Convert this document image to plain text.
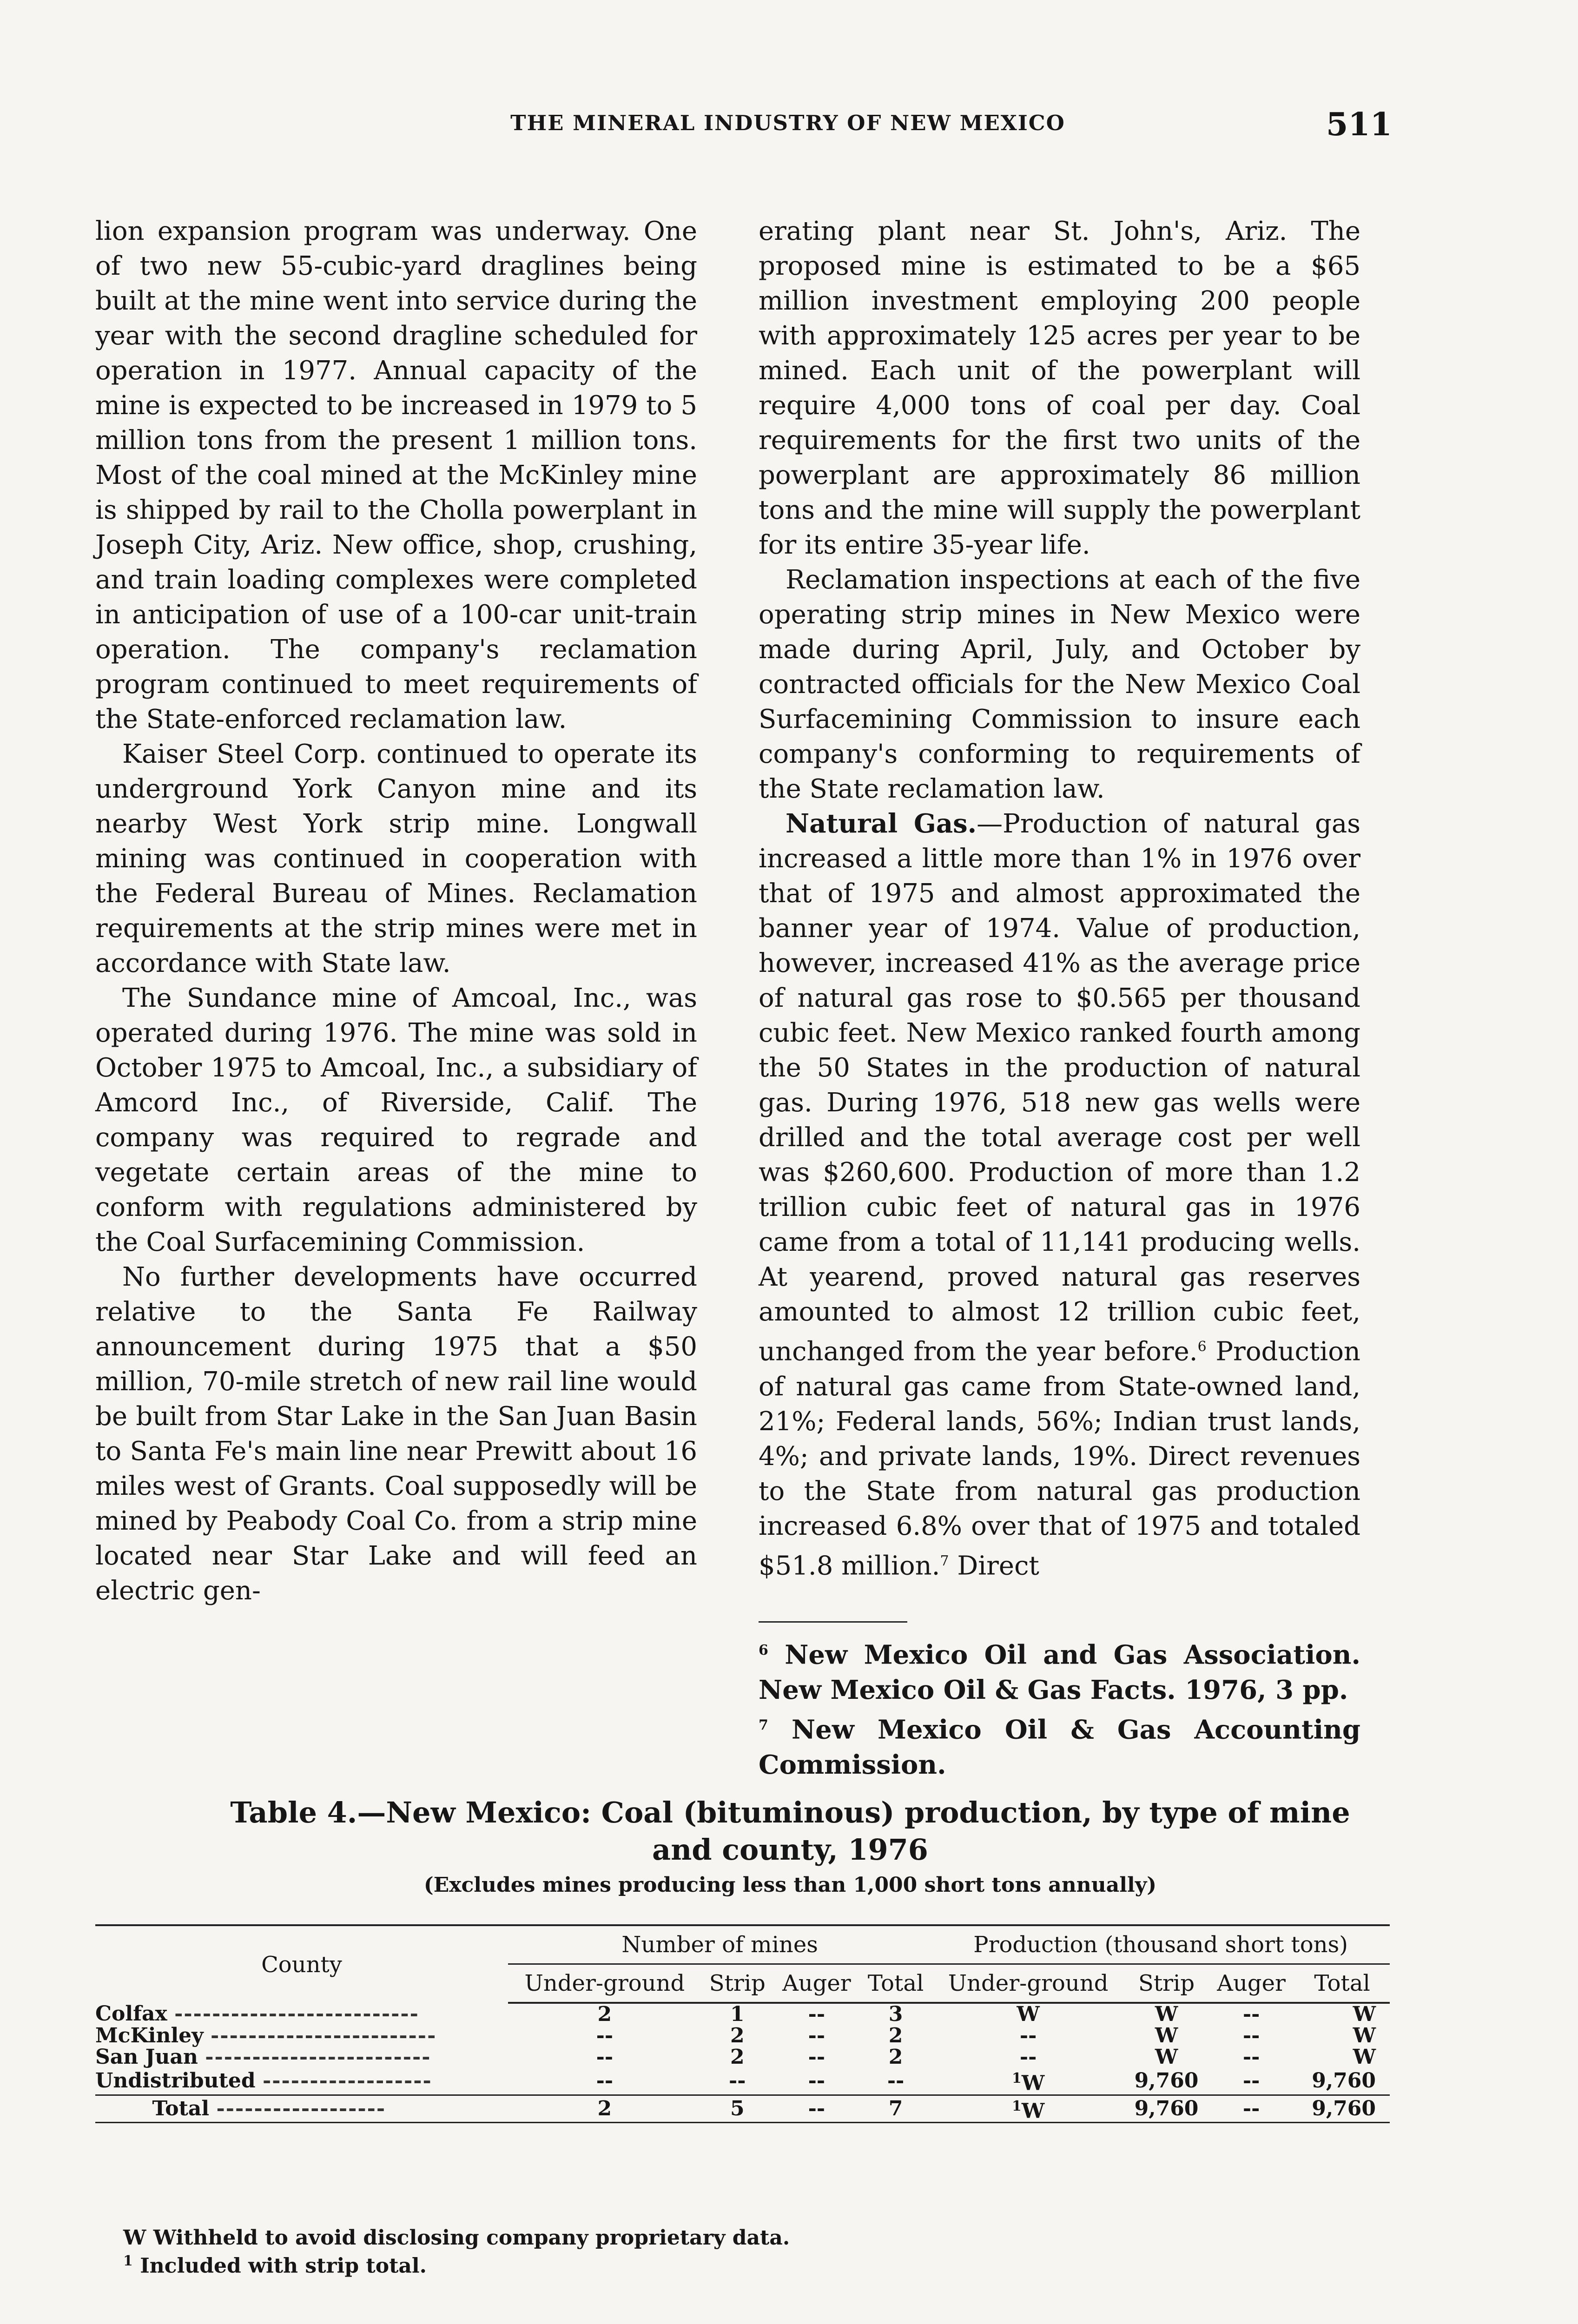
THE MINERAL INDUSTRY OF NEW MEXICO	511

lion expansion program was underway. One of two new 55-cubic-yard draglines being built at the mine went into service during the year with the second dragline scheduled for operation in 1977. Annual capacity of the mine is expected to be increased in 1979 to 5 million tons from the present 1 million tons. Most of the coal mined at the McKinley mine is shipped by rail to the Cholla powerplant in Joseph City, Ariz. New office, shop, crushing, and train loading complexes were completed in anticipation of use of a 100-car unit-train operation. The company's reclamation program continued to meet requirements of the State-enforced reclamation law.

Kaiser Steel Corp. continued to operate its underground York Canyon mine and its nearby West York strip mine. Longwall mining was continued in cooperation with the Federal Bureau of Mines. Reclamation requirements at the strip mines were met in accordance with State law.

The Sundance mine of Amcoal, Inc., was operated during 1976. The mine was sold in October 1975 to Amcoal, Inc., a subsidiary of Amcord Inc., of Riverside, Calif. The company was required to regrade and vegetate certain areas of the mine to conform with regulations administered by the Coal Surfacemining Commission.

No further developments have occurred relative to the Santa Fe Railway announcement during 1975 that a $50 million, 70-mile stretch of new rail line would be built from Star Lake in the San Juan Basin to Santa Fe's main line near Prewitt about 16 miles west of Grants. Coal supposedly will be mined by Peabody Coal Co. from a strip mine located near Star Lake and will feed an electric gen-

erating plant near St. John's, Ariz. The proposed mine is estimated to be a $65 million investment employing 200 people with approximately 125 acres per year to be mined. Each unit of the powerplant will require 4,000 tons of coal per day. Coal requirements for the first two units of the powerplant are approximately 86 million tons and the mine will supply the powerplant for its entire 35-year life.

Reclamation inspections at each of the five operating strip mines in New Mexico were made during April, July, and October by contracted officials for the New Mexico Coal Surfacemining Commission to insure each company's conforming to requirements of the State reclamation law.

Natural Gas.—Production of natural gas increased a little more than 1% in 1976 over that of 1975 and almost approximated the banner year of 1974. Value of production, however, increased 41% as the average price of natural gas rose to $0.565 per thousand cubic feet. New Mexico ranked fourth among the 50 States in the production of natural gas. During 1976, 518 new gas wells were drilled and the total average cost per well was $260,600. Production of more than 1.2 trillion cubic feet of natural gas in 1976 came from a total of 11,141 producing wells. At yearend, proved natural gas reserves amounted to almost 12 trillion cubic feet, unchanged from the year before.$^6$ Production of natural gas came from State-owned land, 21%; Federal lands, 56%; Indian trust lands, 4%; and private lands, 19%. Direct revenues to the State from natural gas production increased 6.8% over that of 1975 and totaled $51.8 million.$^7$ Direct

$^6$ New Mexico Oil and Gas Association. New Mexico Oil & Gas Facts. 1976, 3 pp.

$^7$ New Mexico Oil & Gas Accounting Commission.

Table 4.—New Mexico: Coal (bituminous) production, by type of mine
and county, 1976
(Excludes mines producing less than 1,000 short tons annually)
County	Number of mines				Production (thousand short tons)			
	Under-ground	Strip	Auger	Total	Under-ground	Strip	Auger	Total
Colfax --------------------------	2	1	--	3	W	W	--	W
McKinley ------------------------	--	2	--	2	--	W	--	W
San Juan ------------------------	--	2	--	2	--	W	--	W
Undistributed ------------------	--	--	--	--	$^1$W	9,760	--	9,760
Total ------------------	2	5	--	7	$^1$W	9,760	--	9,760
W Withheld to avoid disclosing company proprietary data.
$^1$ Included with strip total.
